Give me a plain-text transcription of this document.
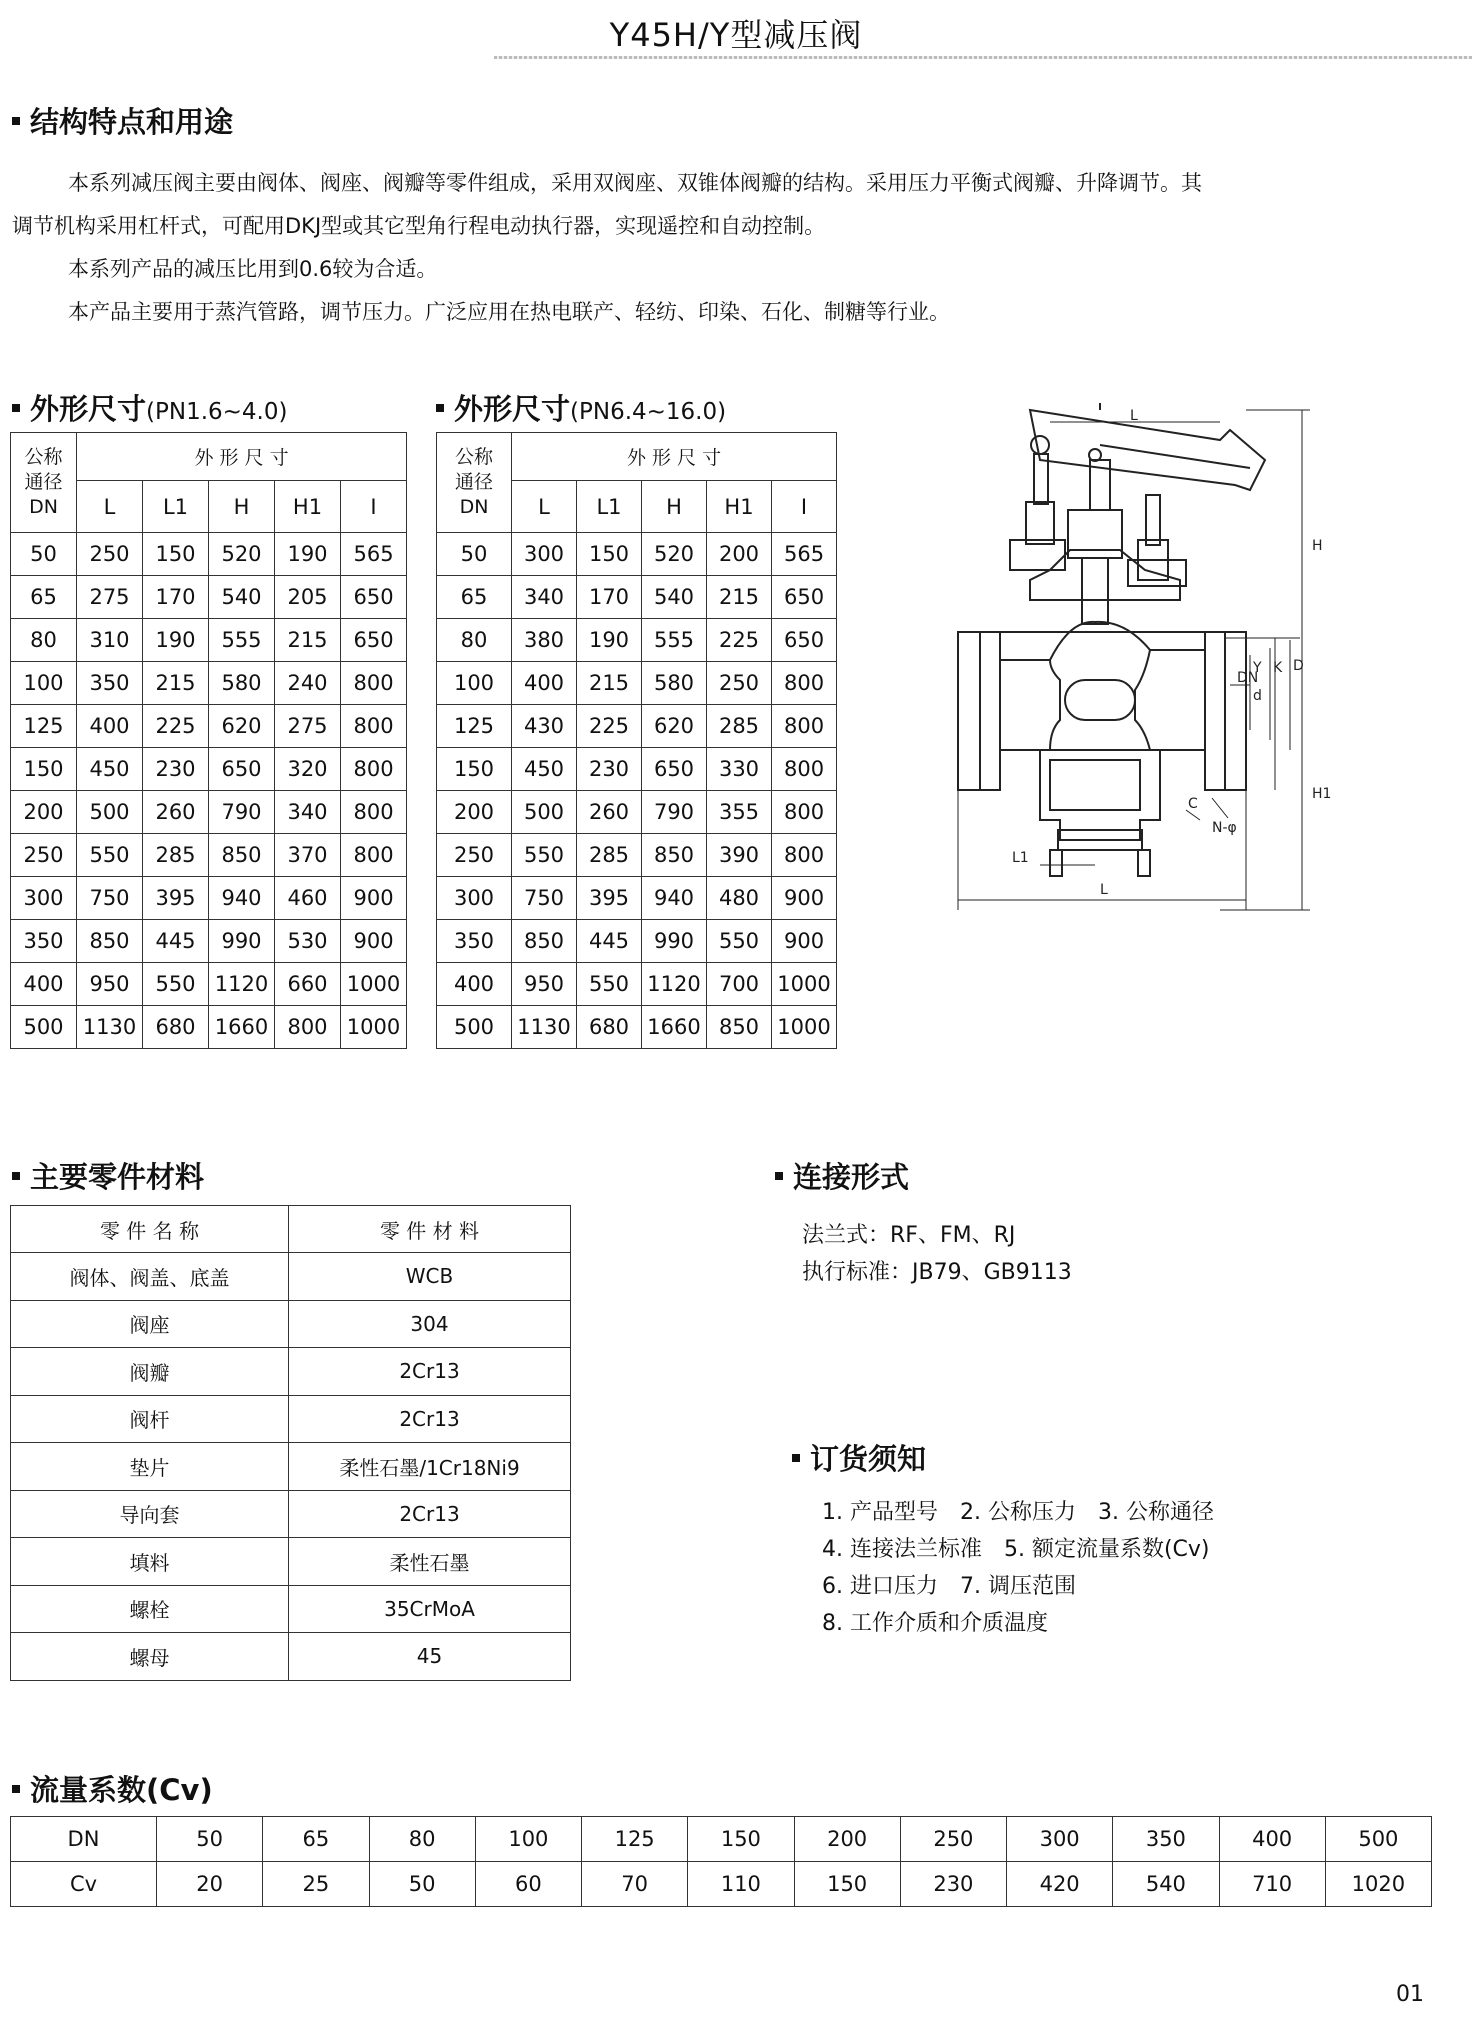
Y45H/Y型减压阀
结构特点和用途
本系列减压阀主要由阀体、阀座、阀瓣等零件组成，采用双阀座、双锥体阀瓣的结构。采用压力平衡式阀瓣、升降调节。其
调节机构采用杠杆式，可配用DKJ型或其它型角行程电动执行器，实现遥控和自动控制。
本系列产品的减压比用到0.6较为合适。
本产品主要用于蒸汽管路，调节压力。广泛应用在热电联产、轻纺、印染、石化、制糖等行业。
外形尺寸(PN1.6~4.0)	外形尺寸(PN6.4~16.0)
公称
通径
DN	外 形 尺 寸				
	L	L1	H	H1	I
50	250	150	520	190	565
65	275	170	540	205	650
80	310	190	555	215	650
100	350	215	580	240	800
125	400	225	620	275	800
150	450	230	650	320	800
200	500	260	790	340	800
250	550	285	850	370	800
300	750	395	940	460	900
350	850	445	990	530	900
400	950	550	1120	660	1000
500	1130	680	1660	800	1000
公称
通径
DN	外 形 尺 寸				
	L	L1	H	H1	I
50	300	150	520	200	565
65	340	170	540	215	650
80	380	190	555	225	650
100	400	215	580	250	800
125	430	225	620	285	800
150	450	230	650	330	800
200	500	260	790	355	800
250	550	285	850	390	800
300	750	395	940	480	900
350	850	445	990	550	900
400	950	550	1120	700	1000
500	1130	680	1660	850	1000
L
H
DN
Y
d
K D
H1
C
N-φ
L1
L
主要零件材料
零 件 名 称	零 件 材 料
阀体、阀盖、底盖	WCB
阀座	304
阀瓣	2Cr13
阀杆	2Cr13
垫片	柔性石墨/1Cr18Ni9
导向套	2Cr13
填料	柔性石墨
螺栓	35CrMoA
螺母	45
连接形式
法兰式：RF、FM、RJ
执行标准：JB79、GB9113
订货须知
1. 产品型号　2. 公称压力　3. 公称通径
4. 连接法兰标准　5. 额定流量系数(Cv)
6. 进口压力　7. 调压范围
8. 工作介质和介质温度
流量系数(Cv)
DN	50	65	80	100	125	150	200	250	300	350	400	500
Cv	20	25	50	60	70	110	150	230	420	540	710	1020
01
